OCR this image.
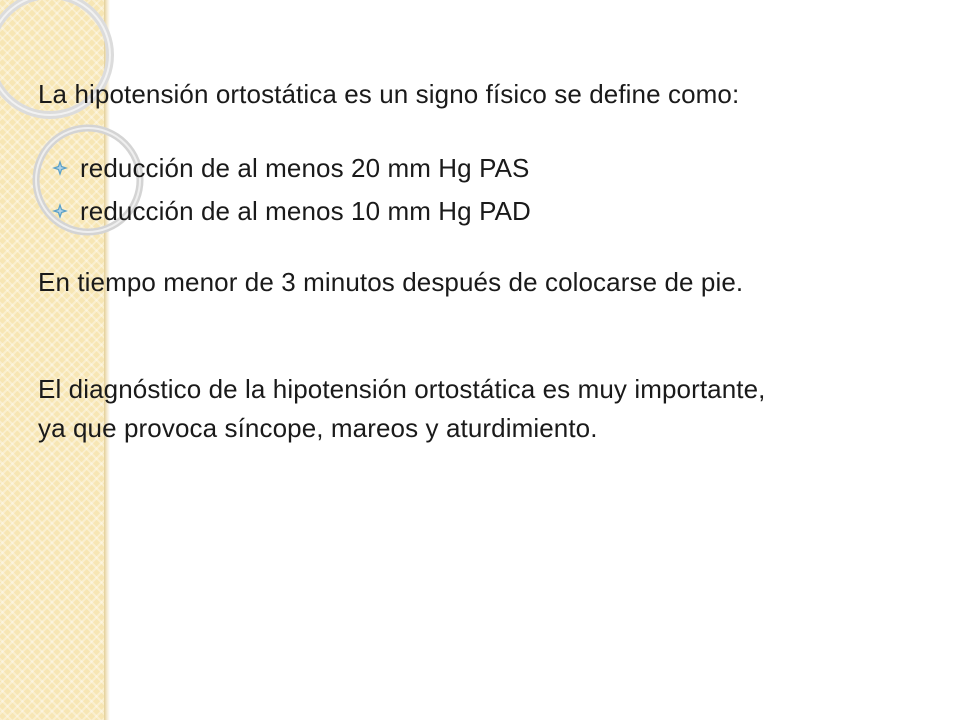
La hipotensión ortostática es un signo físico se define como:

reducción de al menos 20 mm Hg PAS
reducción de al menos 10 mm Hg PAD

En tiempo menor de 3 minutos después de colocarse de pie.

El diagnóstico de la hipotensión ortostática es muy importante,
ya que provoca síncope, mareos y aturdimiento.
